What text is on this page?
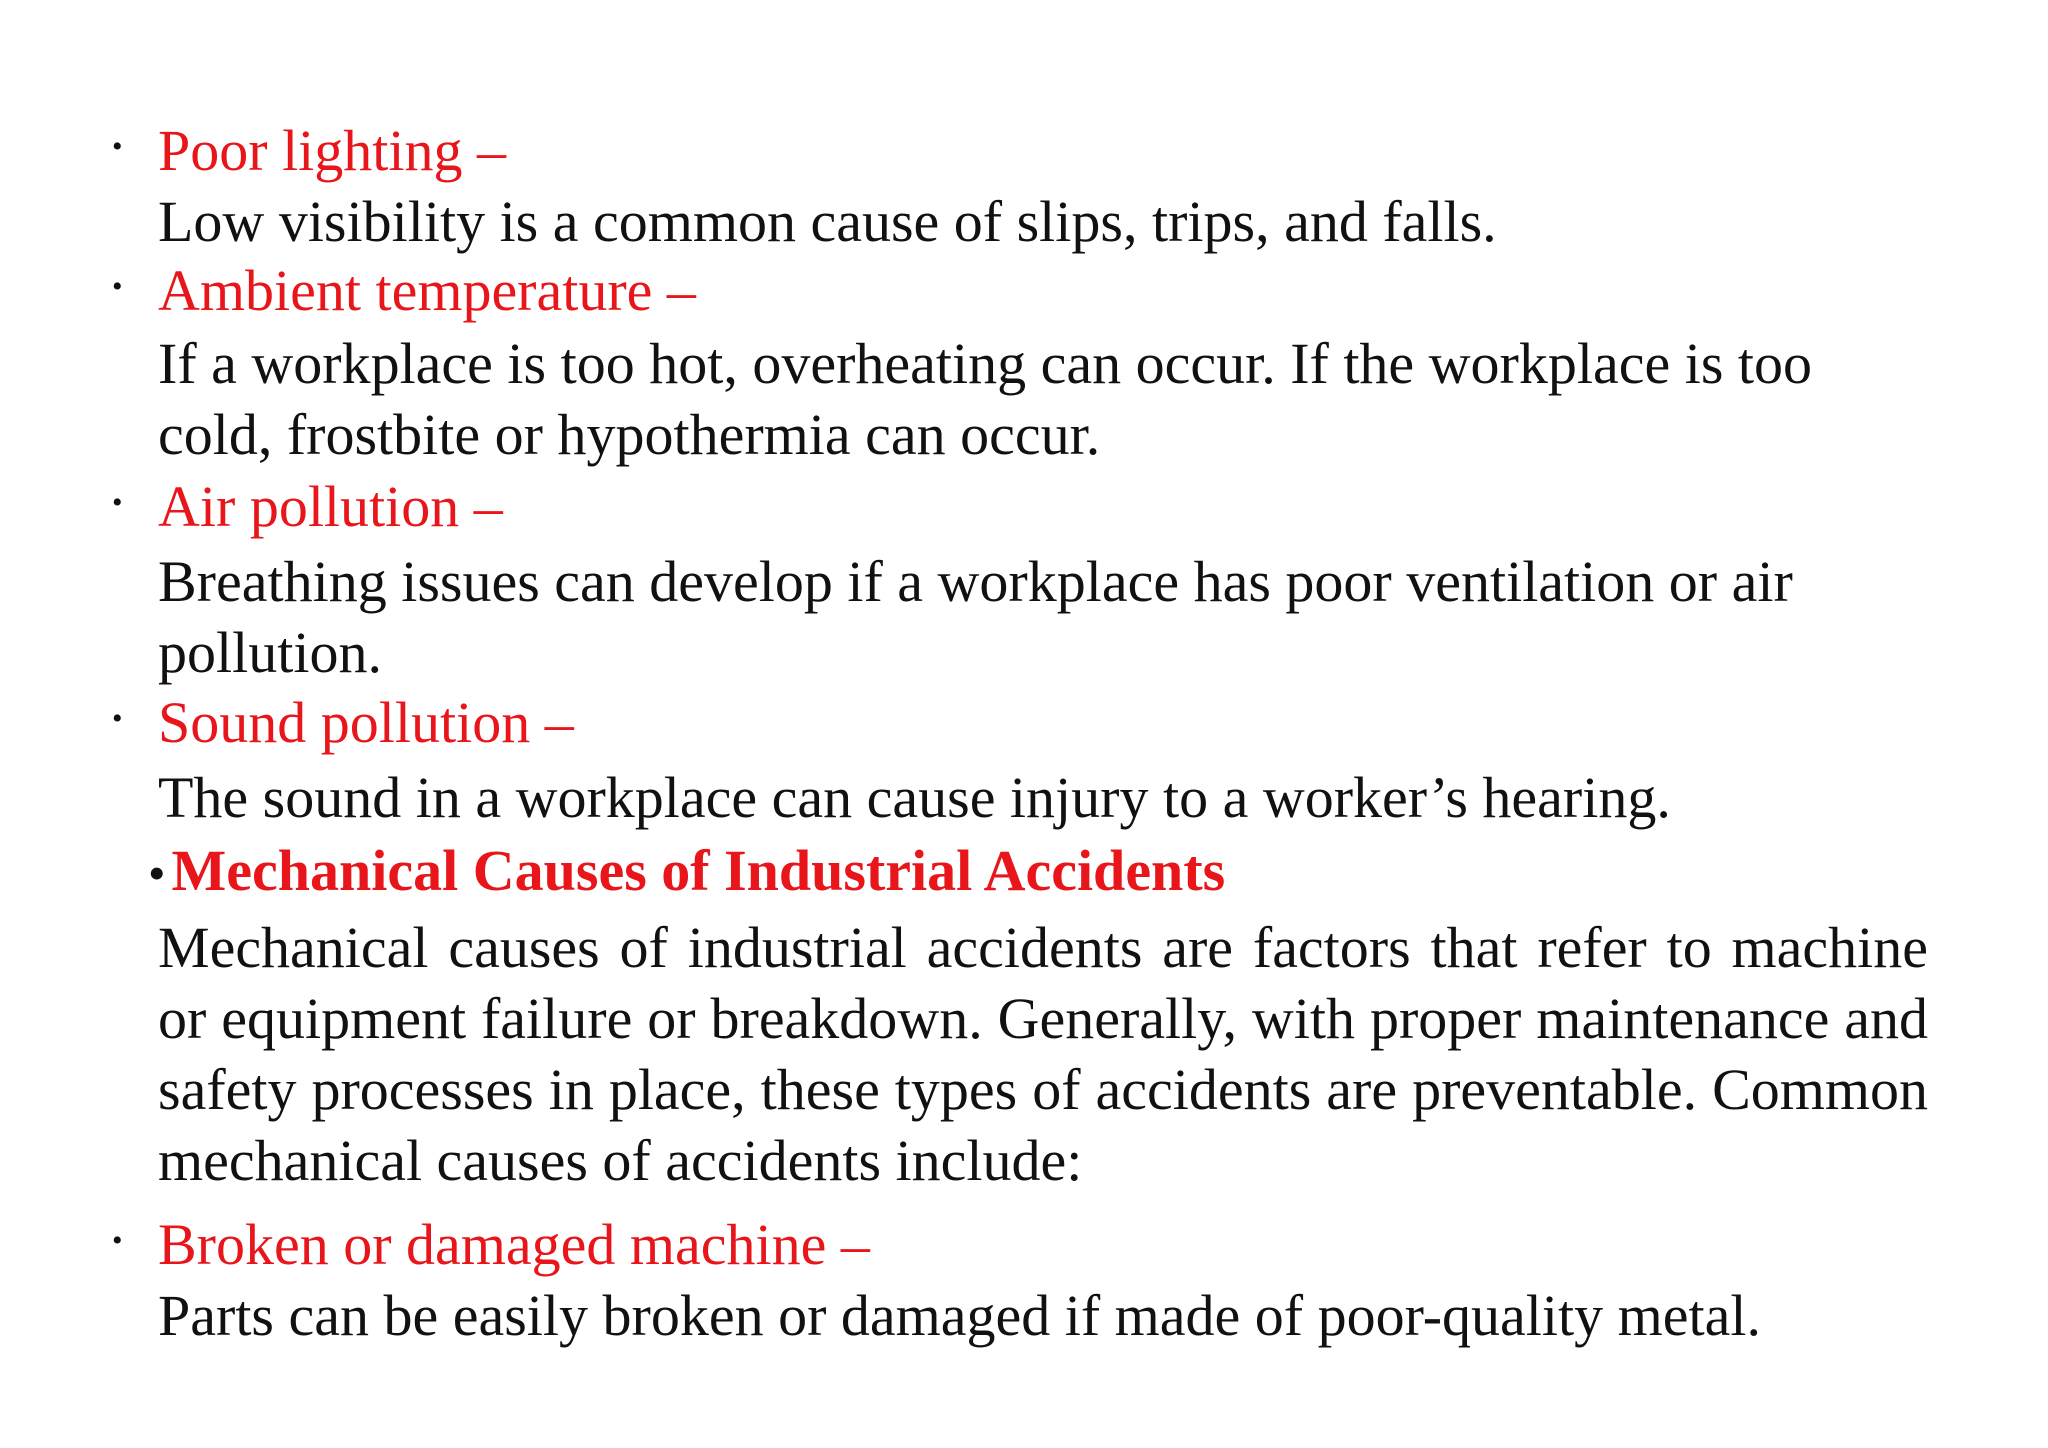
• Poor lighting –
Low visibility is a common cause of slips, trips, and falls.
• Ambient temperature –
If a workplace is too hot, overheating can occur. If the workplace is too cold, frostbite or hypothermia can occur.
• Air pollution –
Breathing issues can develop if a workplace has poor ventilation or air pollution.
• Sound pollution –
The sound in a workplace can cause injury to a worker’s hearing.
• Mechanical Causes of Industrial Accidents
Mechanical causes of industrial accidents are factors that refer to machine or equipment failure or breakdown. Generally, with proper maintenance and safety processes in place, these types of accidents are preventable. Common mechanical causes of accidents include:
• Broken or damaged machine –
Parts can be easily broken or damaged if made of poor-quality metal.
